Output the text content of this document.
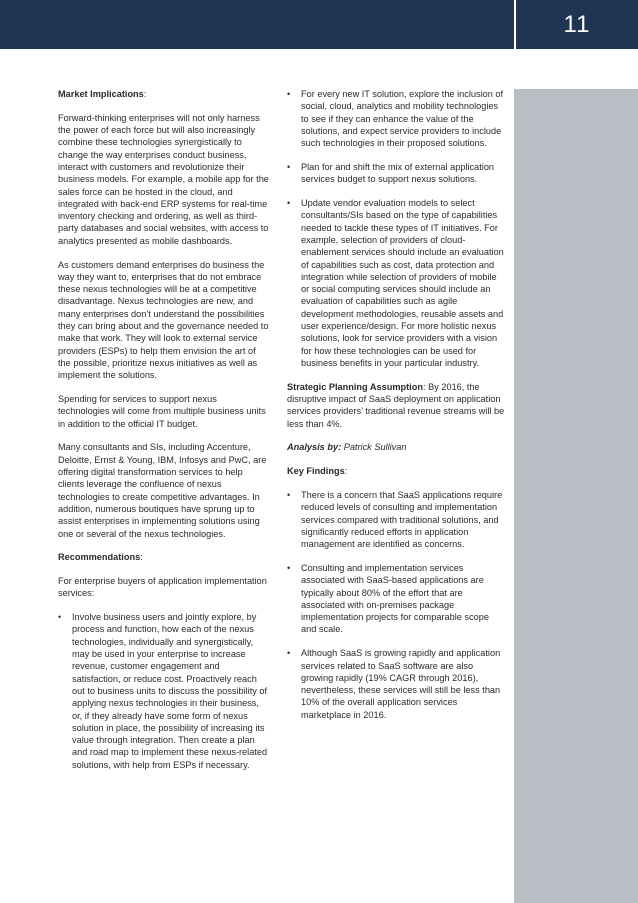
11

Market Implications:

Forward-thinking enterprises will not only harness the power of each force but will also increasingly combine these technologies synergistically to change the way enterprises conduct business, interact with customers and revolutionize their business models. For example, a mobile app for the sales force can be hosted in the cloud, and integrated with back-end ERP systems for real-time inventory checking and ordering, as well as third-party databases and social websites, with access to analytics presented as mobile dashboards.

As customers demand enterprises do business the way they want to, enterprises that do not embrace these nexus technologies will be at a competitive disadvantage. Nexus technologies are new, and many enterprises don’t understand the possibilities they can bring about and the governance needed to make that work. They will look to external service providers (ESPs) to help them envision the art of the possible, prioritize nexus initiatives as well as implement the solutions.

Spending for services to support nexus technologies will come from multiple business units in addition to the official IT budget.

Many consultants and SIs, including Accenture, Deloitte, Ernst & Young, IBM, Infosys and PwC, are offering digital transformation services to help clients leverage the confluence of nexus technologies to create competitive advantages. In addition, numerous boutiques have sprung up to assist enterprises in implementing solutions using one or several of the nexus technologies.

Recommendations:

For enterprise buyers of application implementation services:

• Involve business users and jointly explore, by process and function, how each of the nexus technologies, individually and synergistically, may be used in your enterprise to increase revenue, customer engagement and satisfaction, or reduce cost. Proactively reach out to business units to discuss the possibility of applying nexus technologies in their business, or, if they already have some form of nexus solution in place, the possibility of increasing its value through integration. Then create a plan and road map to implement these nexus-related solutions, with help from ESPs if necessary.
• For every new IT solution, explore the inclusion of social, cloud, analytics and mobility technologies to see if they can enhance the value of the solutions, and expect service providers to include such technologies in their proposed solutions.
• Plan for and shift the mix of external application services budget to support nexus solutions.
• Update vendor evaluation models to select consultants/SIs based on the type of capabilities needed to tackle these types of IT initiatives. For example, selection of providers of cloud-enablement services should include an evaluation of capabilities such as cost, data protection and integration while selection of providers of mobile or social computing services should include an evaluation of capabilities such as agile development methodologies, reusable assets and user experience/design. For more holistic nexus solutions, look for service providers with a vision for how these technologies can be used for business benefits in your particular industry.

Strategic Planning Assumption: By 2016, the disruptive impact of SaaS deployment on application services providers’ traditional revenue streams will be less than 4%.

Analysis by: Patrick Sullivan

Key Findings:

• There is a concern that SaaS applications require reduced levels of consulting and implementation services compared with traditional solutions, and significantly reduced efforts in application management are identified as concerns.
• Consulting and implementation services associated with SaaS-based applications are typically about 80% of the effort that are associated with on-premises package implementation projects for comparable scope and scale.
• Although SaaS is growing rapidly and application services related to SaaS software are also growing rapidly (19% CAGR through 2016), nevertheless, these services will still be less than 10% of the overall application services marketplace in 2016.
